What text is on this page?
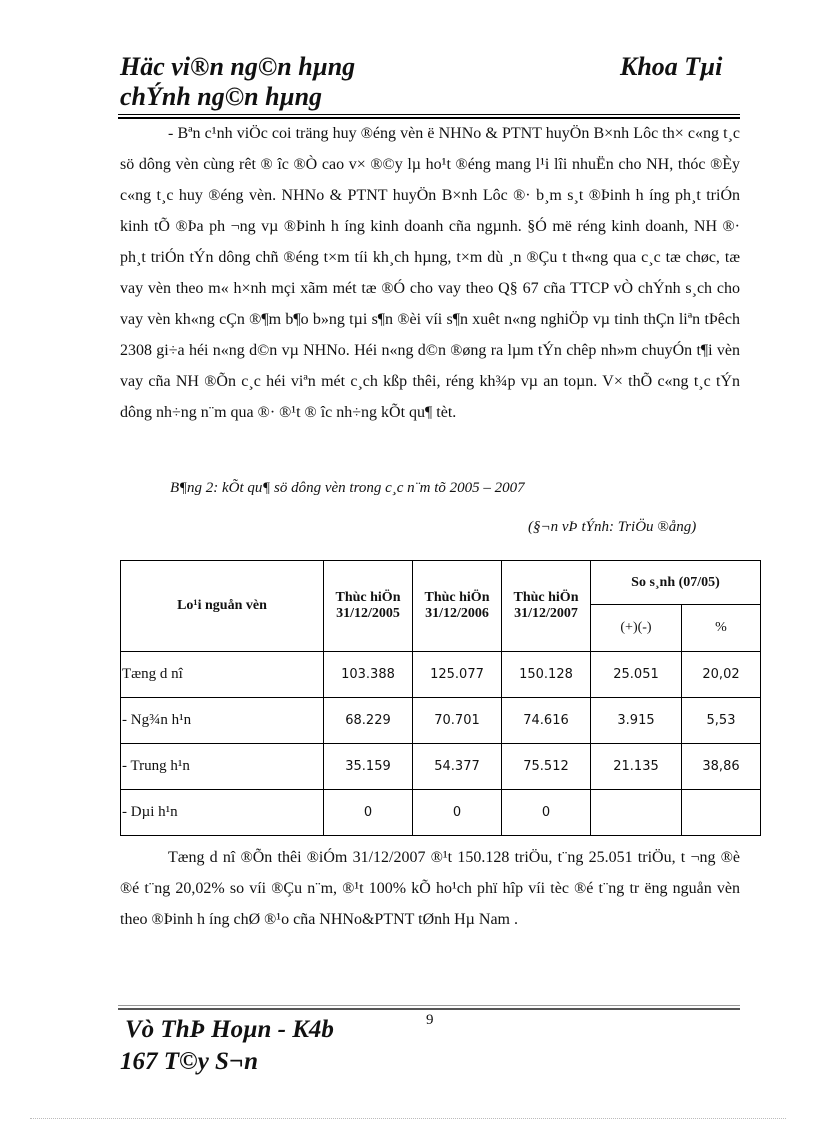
Häc vi®n ng©n hµng chÝnh ng©n hµng
Khoa Tµi

- Bªn c¹nh viÖc coi träng huy ®éng vèn ë NHNo & PTNT huyÖn B×nh Lôc th× c«ng t¸c sö dông vèn cùng rêt ® îc ®Ò cao v× ®©y lµ ho¹t ®éng mang l¹i lîi nhuËn cho NH, thóc ®Èy c«ng t¸c huy ®éng vèn. NHNo & PTNT huyÖn B×nh Lôc ®· b¸m s¸t ®Þinh h íng ph¸t triÓn kinh tÕ ®Þa ph ¬ng vµ ®Þinh h íng kinh doanh cña ngµnh. §Ó më réng kinh doanh, NH ®· ph¸t triÓn tÝn dông chñ ®éng t×m tíi kh¸ch hµng, t×m dù ¸n ®Çu t th«ng qua c¸c tæ chøc, tæ vay vèn theo m« h×nh mçi xãm mét tæ ®Ó cho vay theo Q§ 67 cña TTCP vÒ chÝnh s¸ch cho vay vèn kh«ng cÇn ®¶m b¶o b»ng tµi s¶n ®èi víi s¶n xuêt n«ng nghiÖp vµ tinh thÇn liªn tÞêch 2308 gi÷a héi n«ng d©n vµ NHNo. Héi n«ng d©n ®øng ra lµm tÝn chêp nh»m chuyÓn t¶i vèn vay cña NH ®Õn c¸c héi viªn mét c¸ch kßp thêi, réng kh¾p vµ an toµn. V× thÕ c«ng t¸c tÝn dông nh÷ng n¨m qua ®· ®¹t ® îc nh÷ng kÕt qu¶ tèt.

B¶ng 2: kÕt qu¶ sö dông vèn trong c¸c n¨m tõ 2005 – 2007
(§¬n vÞ tÝnh: TriÖu ®ång)
Lo¹i nguån vèn	Thùc hiÖn 31/12/2005	Thùc hiÖn 31/12/2006	Thùc hiÖn 31/12/2007	So s¸nh (07/05)	
				(+)(-)	%
Tæng d nî	103.388	125.077	150.128	25.051	20,02
- Ng¾n h¹n	68.229	70.701	74.616	3.915	5,53
- Trung h¹n	35.159	54.377	75.512	21.135	38,86
- Dµi h¹n	0	0	0		

Tæng d nî ®Õn thêi ®iÓm 31/12/2007 ®¹t 150.128 triÖu, t¨ng 25.051 triÖu, t ¬ng ®è ®é t¨ng 20,02% so víi ®Çu n¨m, ®¹t 100% kÕ ho¹ch phï hîp víi tèc ®é t¨ng tr ëng nguån vèn theo ®Þinh h íng chØ ®¹o cña NHNo&PTNT tØnh Hµ Nam .

Vò ThÞ Hoµn - K4b
167 T©y S¬n
9
